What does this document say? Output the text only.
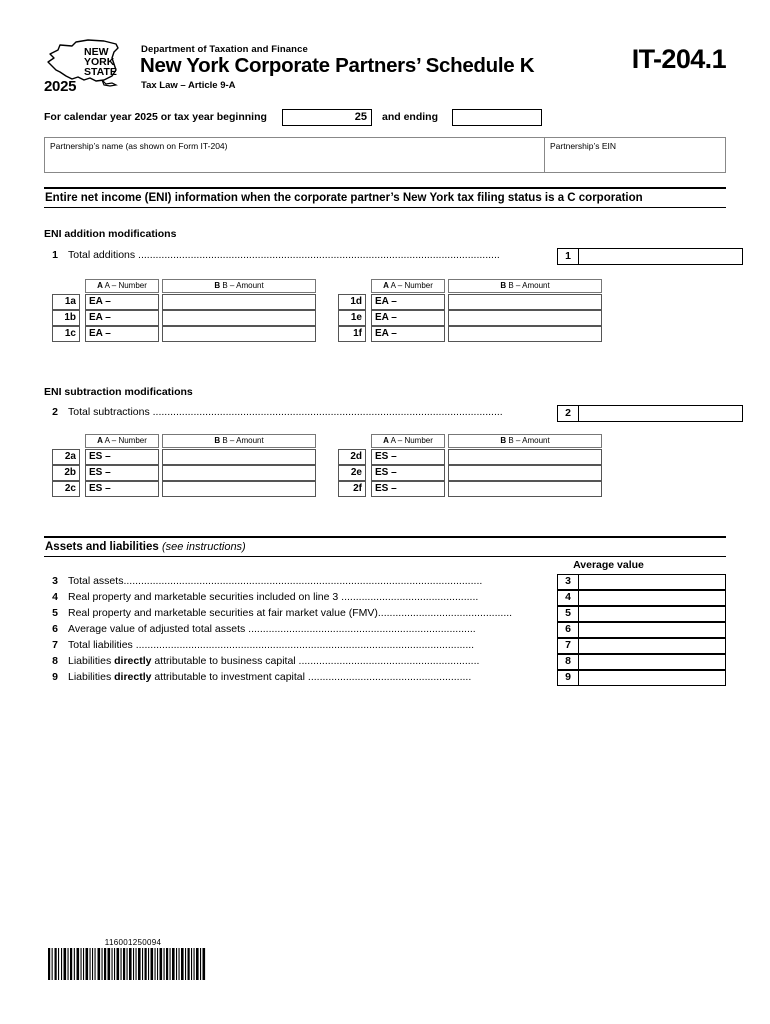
NEW
YORK
STATE
2025
Department of Taxation and Finance
New York Corporate Partners’ Schedule K
Tax Law – Article 9-A
IT-204.1
For calendar year 2025 or tax year beginning	25	and ending
Partnership’s name (as shown on Form IT-204)	Partnership’s EIN
Entire net income (ENI) information when the corporate partner’s New York tax filing status is a C corporation
ENI addition modifications
1 Total additions ............................................................................................................................	1
A A – Number	B B – Amount
1a	EA –
1b	EA –
1c	EA –
A A – Number	B B – Amount
1d	EA –
1e	EA –
1f	EA –
ENI subtraction modifications
2 Total subtractions ........................................................................................................................	2
A A – Number	B B – Amount
2a	ES –
2b	ES –
2c	ES –
A A – Number	B B – Amount
2d	ES –
2e	ES –
2f	ES –
Assets and liabilities (see instructions)
Average value
3 Total assets...........................................................................................................................	3
4 Real property and marketable securities included on line 3 ...............................................	4
5 Real property and marketable securities at fair market value (FMV)..............................................	5
6 Average value of adjusted total assets ..............................................................................	6
7 Total liabilities ....................................................................................................................	7
8 Liabilities directly attributable to business capital ..............................................................	8
9 Liabilities directly attributable to investment capital ........................................................	9
116001250094
